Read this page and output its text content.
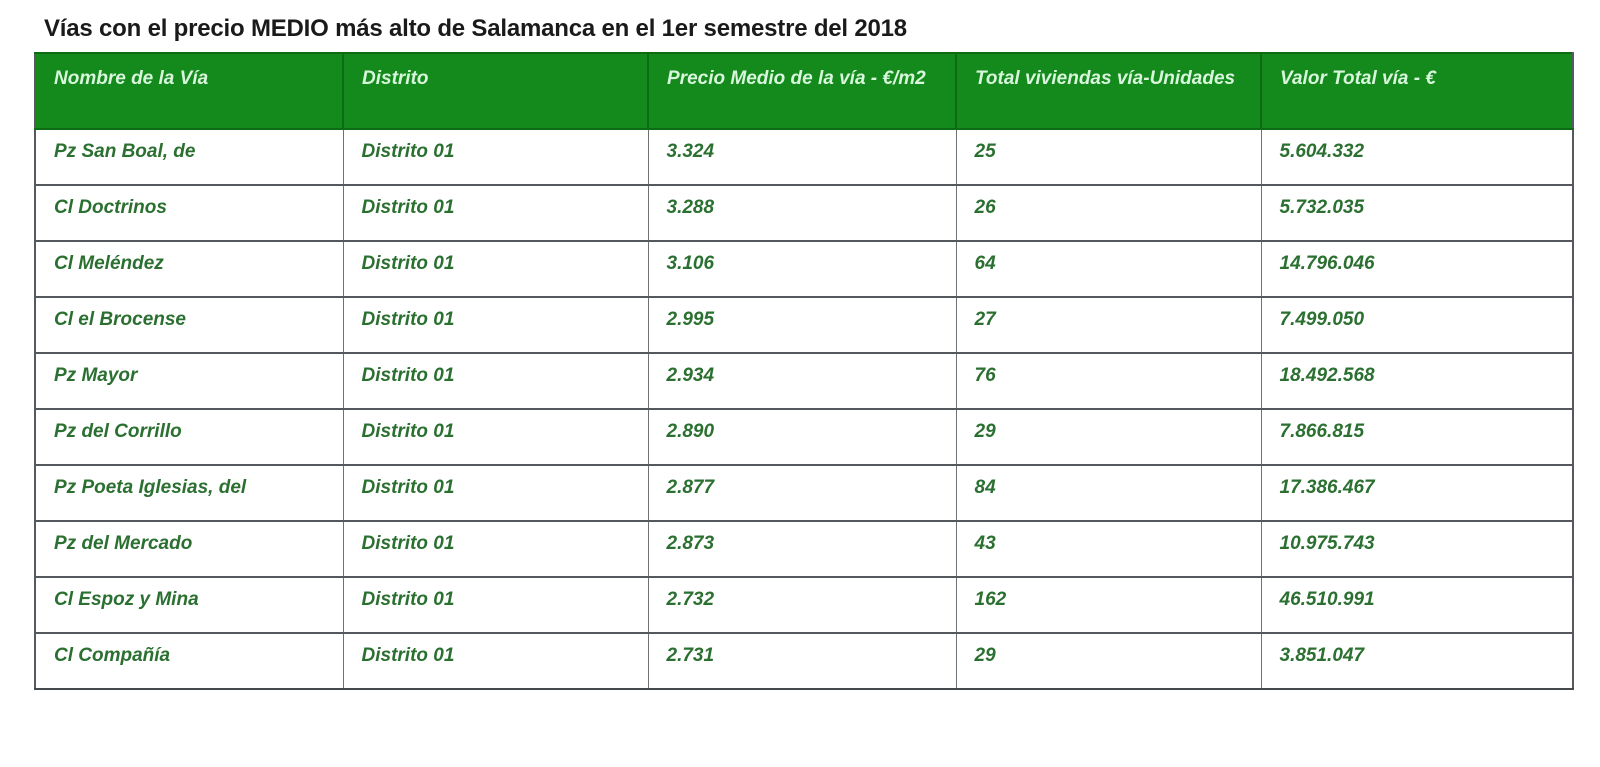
Vías con el precio MEDIO más alto de Salamanca en el 1er semestre del 2018
Nombre de la Vía	Distrito	Precio Medio de la vía - €/m2	Total viviendas vía-Unidades	Valor Total vía - €
Pz San Boal, de	Distrito 01	3.324	25	5.604.332
Cl Doctrinos	Distrito 01	3.288	26	5.732.035
Cl Meléndez	Distrito 01	3.106	64	14.796.046
Cl el Brocense	Distrito 01	2.995	27	7.499.050
Pz Mayor	Distrito 01	2.934	76	18.492.568
Pz del Corrillo	Distrito 01	2.890	29	7.866.815
Pz Poeta Iglesias, del	Distrito 01	2.877	84	17.386.467
Pz del Mercado	Distrito 01	2.873	43	10.975.743
Cl Espoz y Mina	Distrito 01	2.732	162	46.510.991
Cl Compañía	Distrito 01	2.731	29	3.851.047
